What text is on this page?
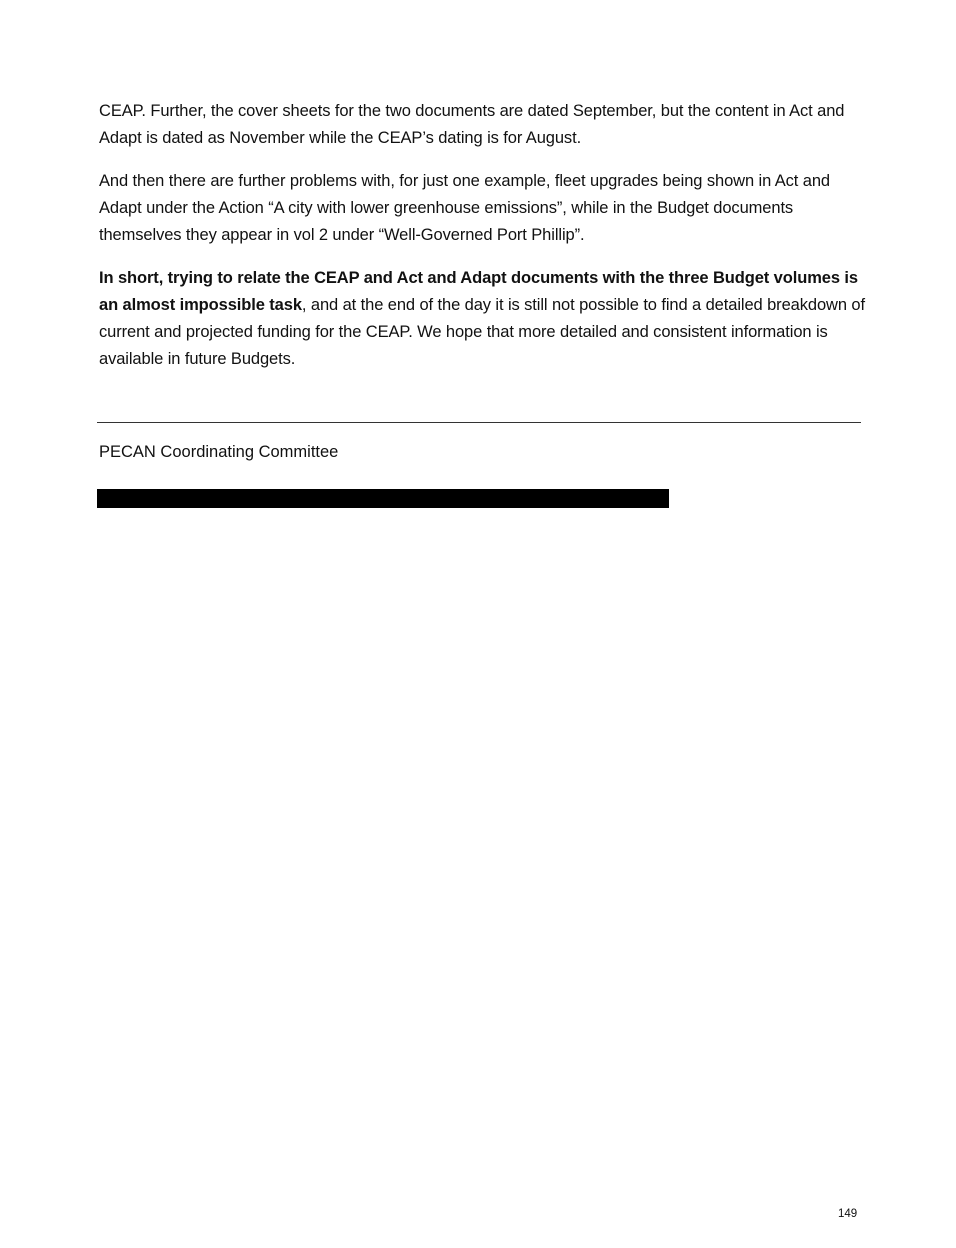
CEAP. Further, the cover sheets for the two documents are dated September, but the content in Act and Adapt is dated as November while the CEAP’s dating is for August.

And then there are further problems with, for just one example, fleet upgrades being shown in Act and Adapt under the Action “A city with lower greenhouse emissions”, while in the Budget documents themselves they appear in vol 2 under “Well-Governed Port Phillip”.

In short, trying to relate the CEAP and Act and Adapt documents with the three Budget volumes is an almost impossible task, and at the end of the day it is still not possible to find a detailed breakdown of current and projected funding for the CEAP. We hope that more detailed and consistent information is available in future Budgets.

PECAN Coordinating Committee

149
